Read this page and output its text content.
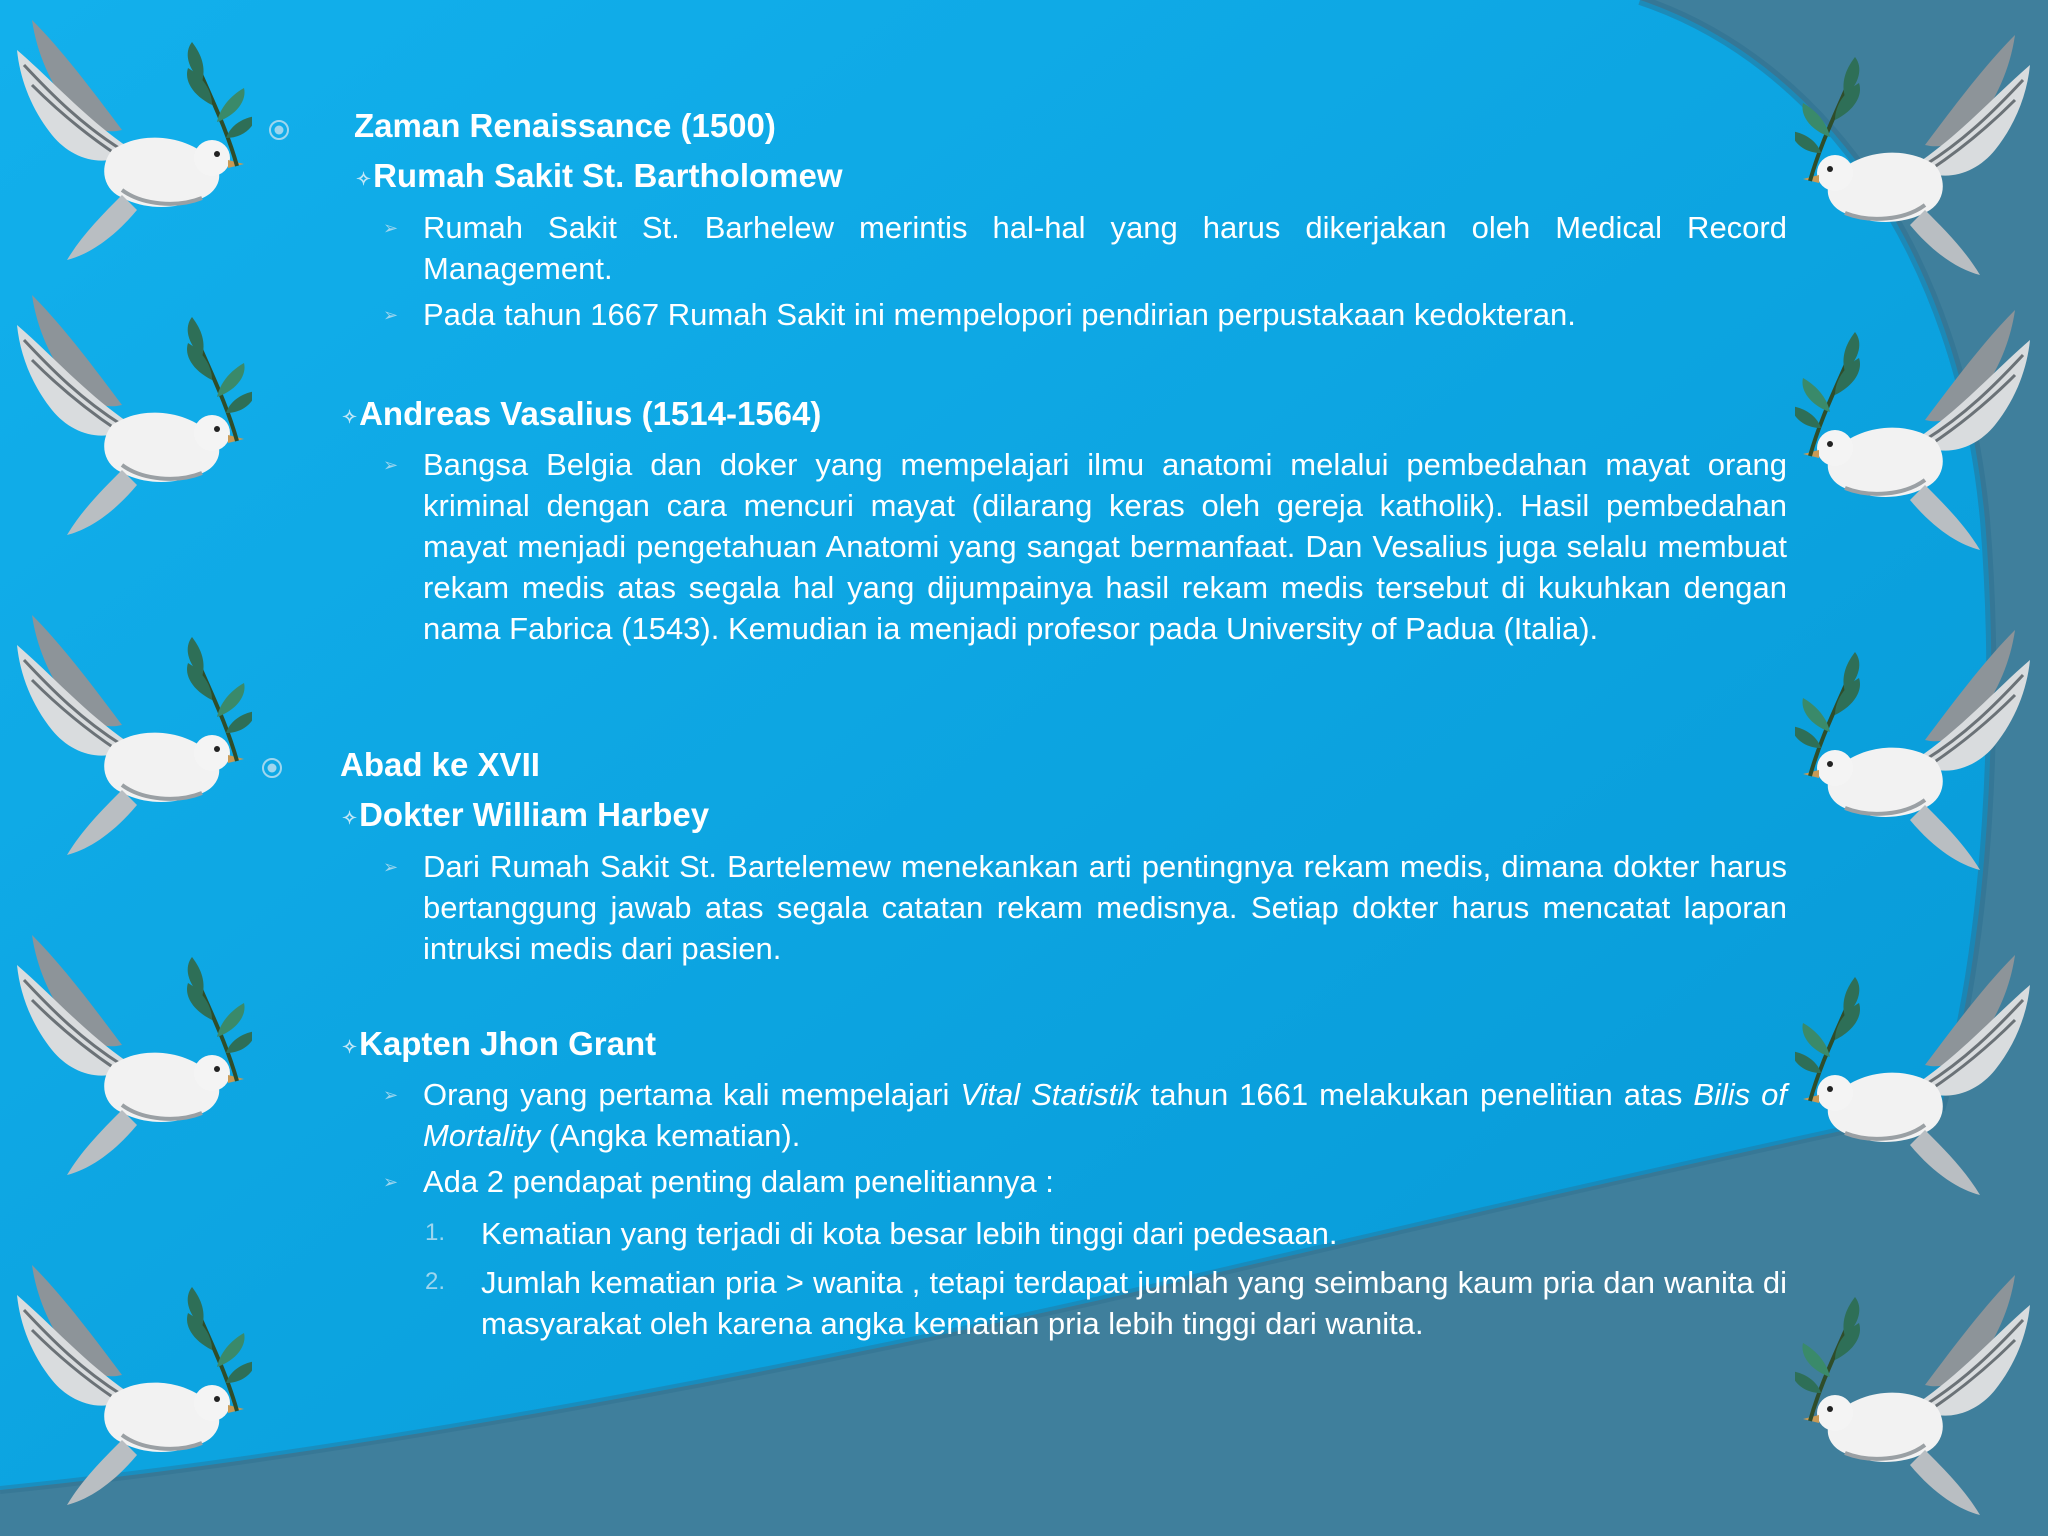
Zaman Renaissance (1500)
✧Rumah Sakit St. Bartholomew
➢ Rumah Sakit St. Barhelew merintis hal-hal yang harus dikerjakan oleh Medical Record Management.
➢ Pada tahun 1667 Rumah Sakit ini mempelopori pendirian perpustakaan kedokteran.
✧Andreas Vasalius (1514-1564)
➢ Bangsa Belgia dan doker yang mempelajari ilmu anatomi melalui pembedahan mayat orang kriminal dengan cara mencuri mayat (dilarang keras oleh gereja katholik). Hasil pembedahan mayat menjadi pengetahuan Anatomi yang sangat bermanfaat. Dan Vesalius juga selalu membuat rekam medis atas segala hal yang dijumpainya hasil rekam medis tersebut di kukuhkan dengan nama Fabrica (1543). Kemudian ia menjadi profesor pada University of Padua (Italia).
Abad ke XVII
✧Dokter William Harbey
➢ Dari Rumah Sakit St. Bartelemew menekankan arti pentingnya rekam medis, dimana dokter harus bertanggung jawab atas segala catatan rekam medisnya. Setiap dokter harus mencatat laporan intruksi medis dari pasien.
✧Kapten Jhon Grant
➢ Orang yang pertama kali mempelajari Vital Statistik tahun 1661 melakukan penelitian atas Bilis of Mortality (Angka kematian).
➢ Ada 2 pendapat penting dalam penelitiannya :
1. Kematian yang terjadi di kota besar lebih tinggi dari pedesaan.
2. Jumlah kematian pria > wanita , tetapi terdapat jumlah yang seimbang kaum pria dan wanita di masyarakat oleh karena angka kematian pria lebih tinggi dari wanita.
